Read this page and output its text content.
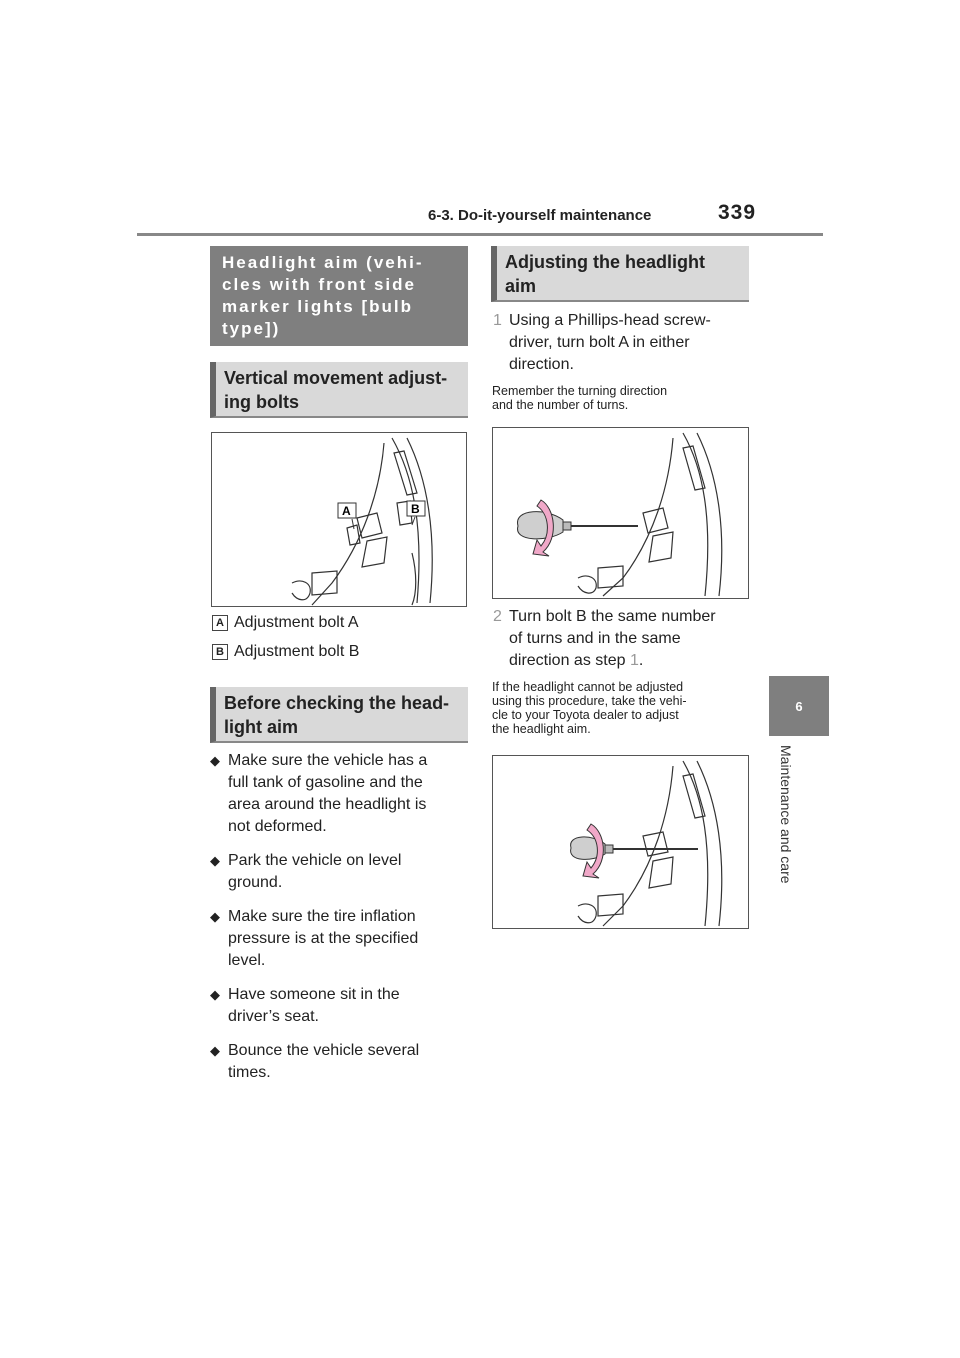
6-3. Do-it-yourself maintenance	339
6
Maintenance and care
Headlight aim (vehi-
cles with front side
marker lights [bulb
type])
Vertical movement adjust-
ing bolts
A	B
A Adjustment bolt A
B Adjustment bolt B
Before checking the head-
light aim
◆ Make sure the vehicle has a
full tank of gasoline and the
area around the headlight is
not deformed.
◆ Park the vehicle on level
ground.
◆ Make sure the tire inflation
pressure is at the specified
level.
◆ Have someone sit in the
driver’s seat.
◆ Bounce the vehicle several
times.
Adjusting the headlight
aim
1 Using a Phillips-head screw-
driver, turn bolt A in either
direction.
Remember the turning direction
and the number of turns.
2 Turn bolt B the same number
of turns and in the same
direction as step 1.
If the headlight cannot be adjusted
using this procedure, take the vehi-
cle to your Toyota dealer to adjust
the headlight aim.
